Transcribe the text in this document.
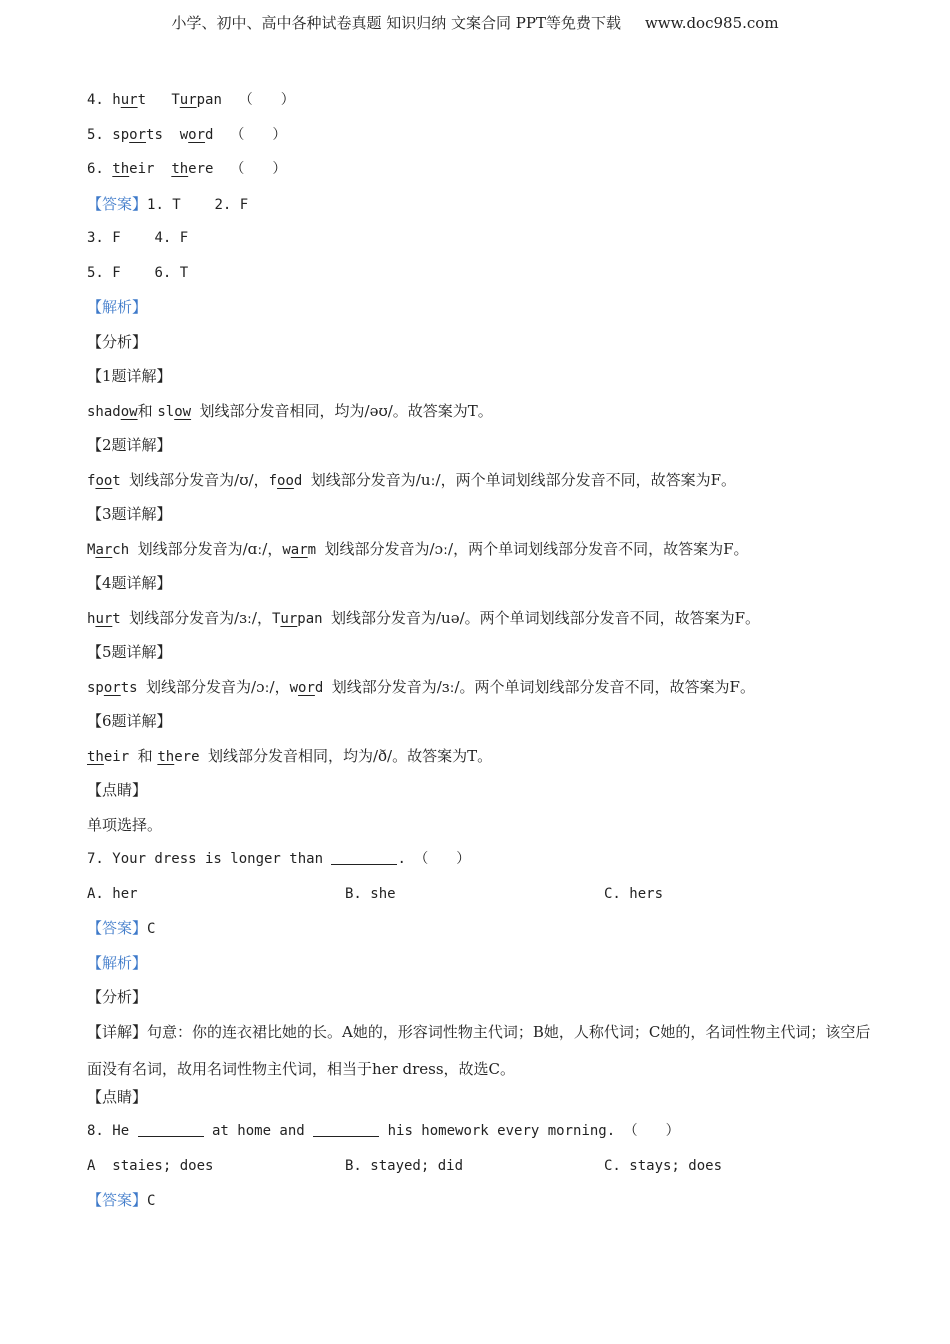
小学、初中、高中各种试卷真题 知识归纳 文案合同 PPT等免费下载 www.doc985.com
4. hurt Turpan （　　）
5. sports word （　　）
6. their there （　　）
【答案】1. T 2. F
3. F 4. F
5. F 6. T
【解析】
【分析】
【1题详解】
shadow和 slow 划线部分发音相同，均为/əʊ/。故答案为T。
【2题详解】
foot 划线部分发音为/ʊ/，food 划线部分发音为/uː/，两个单词划线部分发音不同，故答案为F。
【3题详解】
March 划线部分发音为/ɑː/，warm 划线部分发音为/ɔː/，两个单词划线部分发音不同，故答案为F。
【4题详解】
hurt 划线部分发音为/ɜː/，Turpan 划线部分发音为/uə/。两个单词划线部分发音不同，故答案为F。
【5题详解】
sports 划线部分发音为/ɔː/，word 划线部分发音为/ɜː/。两个单词划线部分发音不同，故答案为F。
【6题详解】
their 和 there 划线部分发音相同，均为/ð/。故答案为T。
【点睛】
单项选择。
7. Your dress is longer than	. （　　）
A. her	B. she	C. hers
【答案】C
【解析】
【分析】
【详解】句意：你的连衣裙比她的长。A她的，形容词性物主代词；B她，人称代词；C她的，名词性物主代词；该空后面没有名词，故用名词性物主代词，相当于her dress，故选C。
【点睛】
8. He	at home and	his homework every morning. （　　）
A  staies; does	B. stayed; did	C. stays; does
【答案】C
